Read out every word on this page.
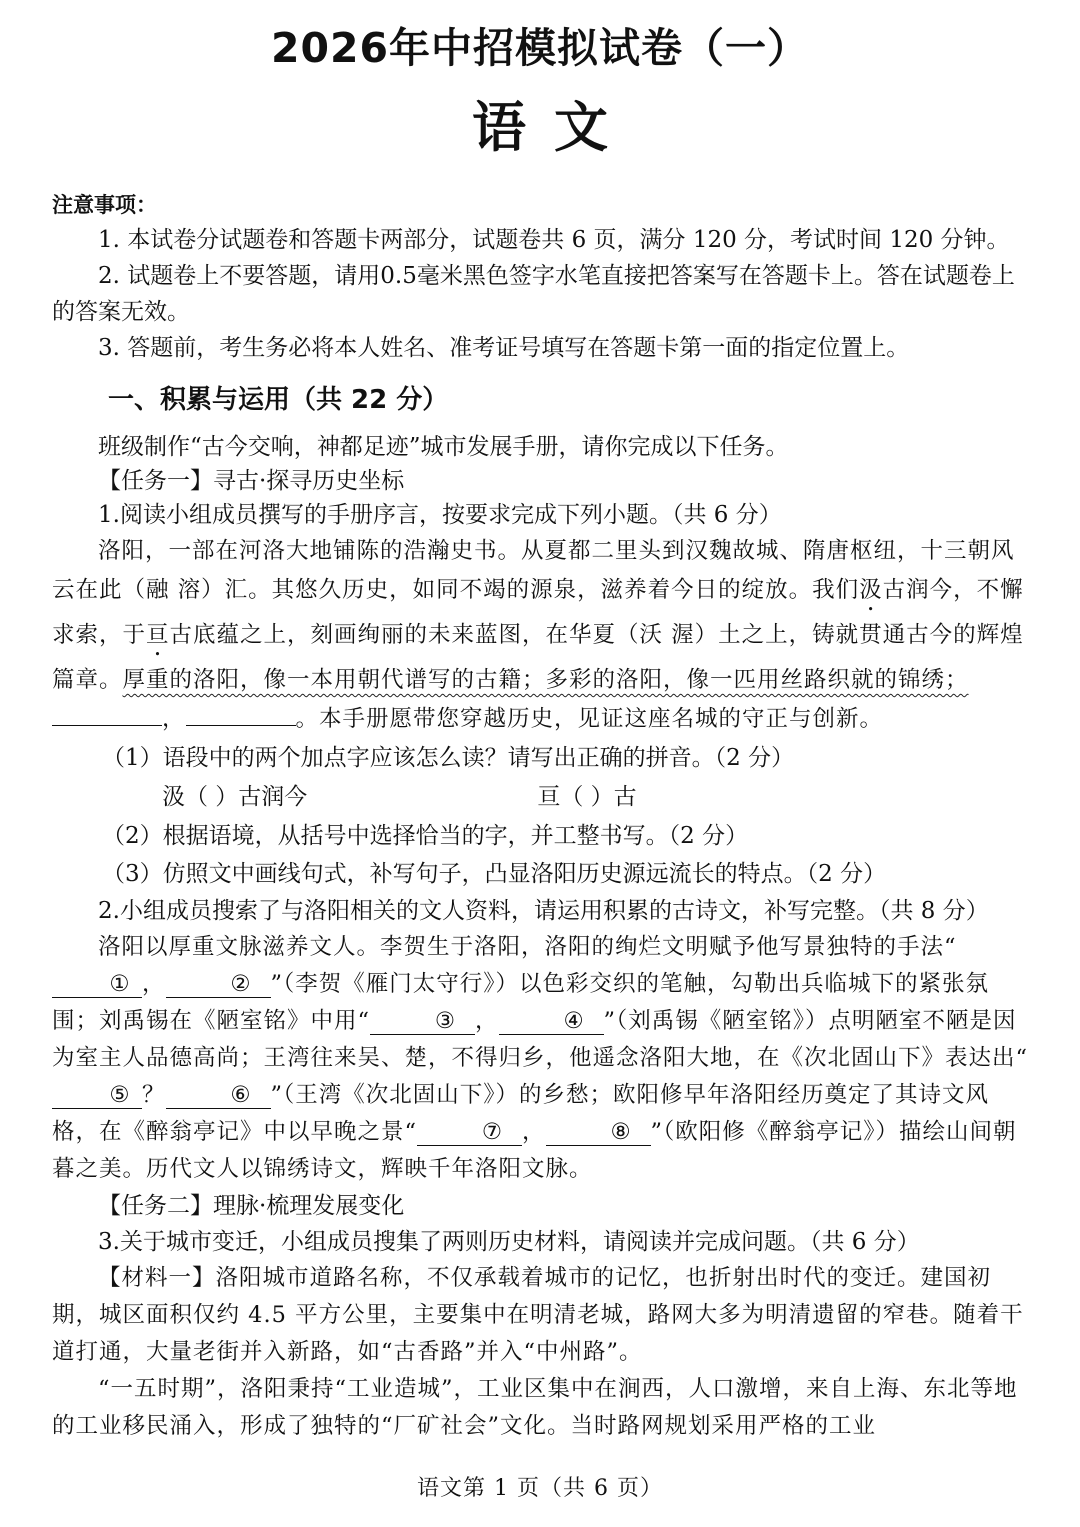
2026年中招模拟试卷（一）
语文
注意事项：

1. 本试卷分试题卷和答题卡两部分，试题卷共 6 页，满分 120 分，考试时间 120 分钟。

2. 试题卷上不要答题，请用0.5毫米黑色签字水笔直接把答案写在答题卡上。答在试题卷上的答案无效。

3. 答题前，考生务必将本人姓名、准考证号填写在答题卡第一面的指定位置上。

一、积累与运用（共 22 分）

班级制作“古今交响，神都足迹”城市发展手册，请你完成以下任务。

【任务一】寻古·探寻历史坐标

1.阅读小组成员撰写的手册序言，按要求完成下列小题。（共 6 分）

洛阳，一部在河洛大地铺陈的浩瀚史书。从夏都二里头到汉魏故城、隋唐枢纽，十三朝风云在此（融 溶）汇。其悠久历史，如同不竭的源泉，滋养着今日的绽放。我们汲古润今，不懈求索，于亘古底蕴之上，刻画绚丽的未来蓝图，在华夏（沃 渥）土之上，铸就贯通古今的辉煌篇章。厚重的洛阳，像一本用朝代谱写的古籍；多彩的洛阳，像一匹用丝路织就的锦绣；，	。本手册愿带您穿越历史，见证这座名城的守正与创新。

（1）语段中的两个加点字应该怎么读？请写出正确的拼音。（2 分）

汲（ ）古润今	亘（ ）古

（2）根据语境，从括号中选择恰当的字，并工整书写。（2 分）

（3）仿照文中画线句式，补写句子，凸显洛阳历史源远流长的特点。（2 分）

2.小组成员搜索了与洛阳相关的文人资料，请运用积累的古诗文，补写完整。（共 8 分）

洛阳以厚重文脉滋养文人。李贺生于洛阳，洛阳的绚烂文明赋予他写景独特的手法“① ，	② ”（李贺《雁门太守行》）以色彩交织的笔触，勾勒出兵临城下的紧张氛围；刘禹锡在《陋室铭》中用“	③ ，	④ ”（刘禹锡《陋室铭》）点明陋室不陋是因为室主人品德高尚；王湾往来吴、楚，不得归乡，他遥念洛阳大地，在《次北固山下》表达出“⑤ ？	⑥ ”（王湾《次北固山下》）的乡愁；欧阳修早年洛阳经历奠定了其诗文风格，在《醉翁亭记》中以早晚之景“	⑦ ，	⑧ ”（欧阳修《醉翁亭记》）描绘山间朝暮之美。历代文人以锦绣诗文，辉映千年洛阳文脉。

【任务二】理脉·梳理发展变化

3.关于城市变迁，小组成员搜集了两则历史材料，请阅读并完成问题。（共 6 分）

【材料一】洛阳城市道路名称，不仅承载着城市的记忆，也折射出时代的变迁。建国初期，城区面积仅约 4.5 平方公里，主要集中在明清老城，路网大多为明清遗留的窄巷。随着干道打通，大量老街并入新路，如“古香路”并入“中州路”。

“一五时期”，洛阳秉持“工业造城”，工业区集中在涧西，人口激增，来自上海、东北等地的工业移民涌入，形成了独特的“厂矿社会”文化。当时路网规划采用严格的工业

语文第 1 页（共 6 页）
